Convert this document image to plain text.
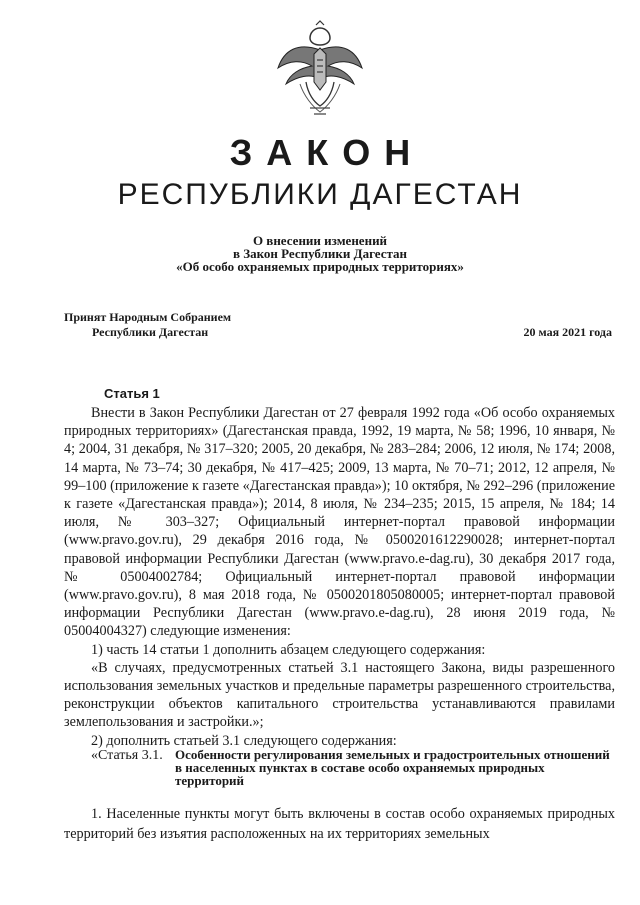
ЗАКОН
РЕСПУБЛИКИ ДАГЕСТАН
О внесении изменений
в Закон Республики Дагестан
«Об особо охраняемых природных территориях»
Принят Народным Собранием
Республики Дагестан	20 мая 2021 года
Статья 1

Внести в Закон Республики Дагестан от 27 февраля 1992 года «Об особо охраняемых природных территориях» (Дагестанская правда, 1992, 19 марта, № 58; 1996, 10 января, № 4; 2004, 31 декабря, № 317–320; 2005, 20 декабря, № 283–284; 2006, 12 июля, № 174; 2008, 14 марта, № 73–74; 30 декабря, № 417–425; 2009, 13 марта, № 70–71; 2012, 12 апреля, № 99–100 (приложение к газете «Дагестанская правда»); 10 октября, № 292–296 (приложение к газете «Дагестанская правда»); 2014, 8 июля, № 234–235; 2015, 15 апреля, № 184; 14 июля, № 303–327; Официальный интернет-портал правовой информации (www.pravo.gov.ru), 29 декабря 2016 года, № 0500201612290028; интернет-портал правовой информации Республики Дагестан (www.pravo.e-dag.ru), 30 декабря 2017 года, № 05004002784; Официальный интернет-портал правовой информации (www.pravo.gov.ru), 8 мая 2018 года, № 0500201805080005; интернет-портал правовой информации Республики Дагестан (www.pravo.e-dag.ru), 28 июня 2019 года, № 05004004327) следующие изменения:

1) часть 14 статьи 1 дополнить абзацем следующего содержания:

«В случаях, предусмотренных статьей 3.1 настоящего Закона, виды разрешенного использования земельных участков и предельные параметры разрешенного строительства, реконструкции объектов капитального строительства устанавливаются правилами землепользования и застройки.»;

2) дополнить статьей 3.1 следующего содержания:

«Статья 3.1. Особенности регулирования земельных и градостроительных отношений в населенных пунктах в составе особо охраняемых природных территорий

1. Населенные пункты могут быть включены в состав особо охраняемых природных территорий без изъятия расположенных на их территориях земельных
